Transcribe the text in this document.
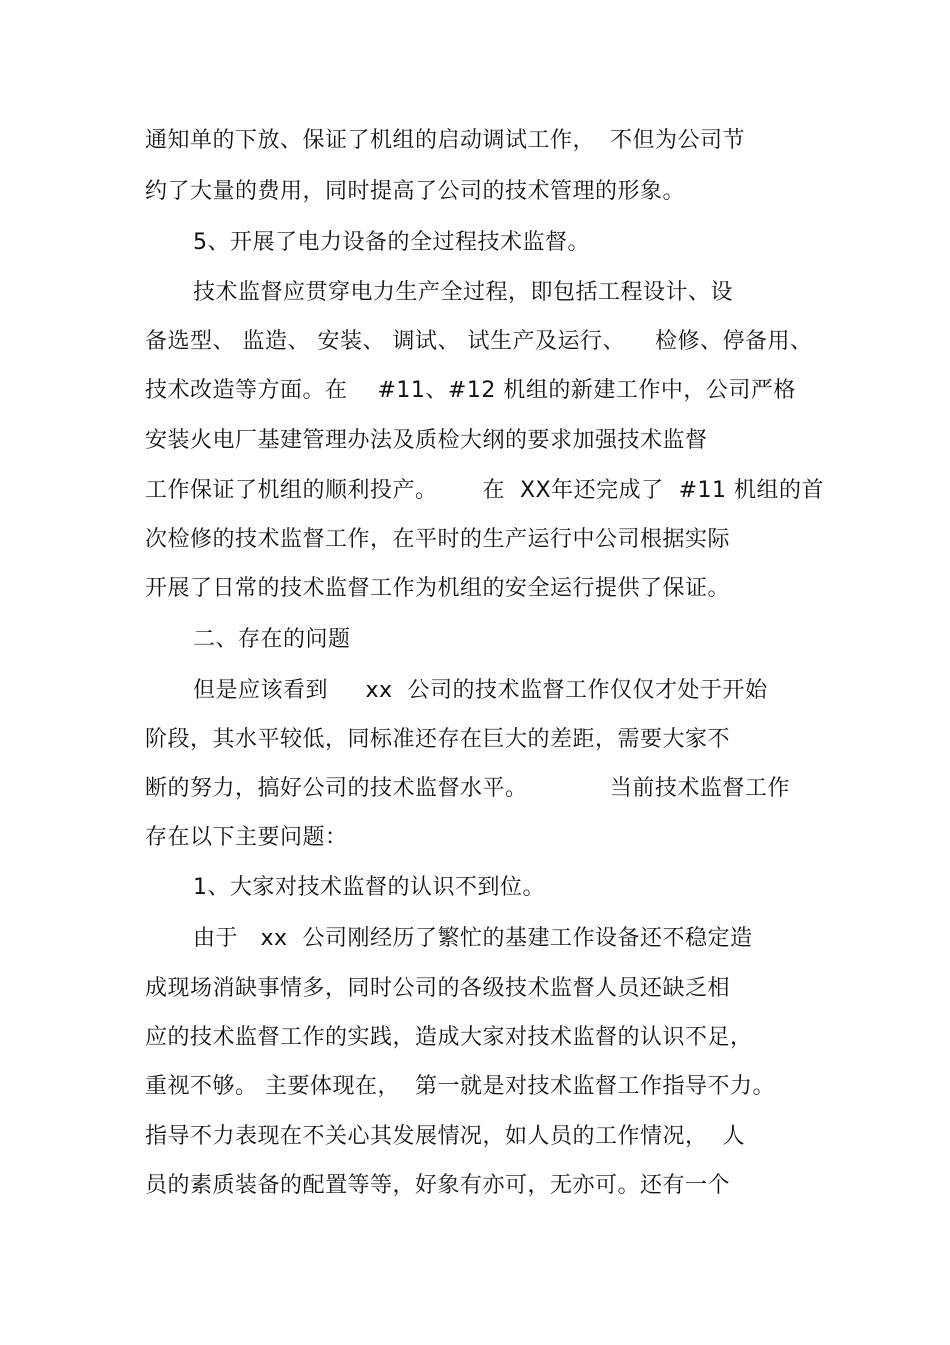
通知单的下放、保证了机组的启动调试工作，  不但为公司节
约了大量的费用，同时提高了公司的技术管理的形象。
5、开展了电力设备的全过程技术监督。
技术监督应贯穿电力生产全过程，即包括工程设计、设
备选型、 监造、 安装、 调试、 试生产及运行、    检修、停备用、
技术改造等方面。在    #11、#12 机组的新建工作中，公司严格
安装火电厂基建管理办法及质检大纲的要求加强技术监督
工作保证了机组的顺利投产。      在  XX年还完成了  #11 机组的首
次检修的技术监督工作，在平时的生产运行中公司根据实际
开展了日常的技术监督工作为机组的安全运行提供了保证。
二、存在的问题
但是应该看到     xx  公司的技术监督工作仅仅才处于开始
阶段，其水平较低，同标准还存在巨大的差距，需要大家不
断的努力，搞好公司的技术监督水平。           当前技术监督工作
存在以下主要问题：
1、大家对技术监督的认识不到位。
由于   xx  公司刚经历了繁忙的基建工作设备还不稳定造
成现场消缺事情多，同时公司的各级技术监督人员还缺乏相
应的技术监督工作的实践，造成大家对技术监督的认识不足，
重视不够。 主要体现在，  第一就是对技术监督工作指导不力。
指导不力表现在不关心其发展情况，如人员的工作情况，  人
员的素质装备的配置等等，好象有亦可，无亦可。还有一个
